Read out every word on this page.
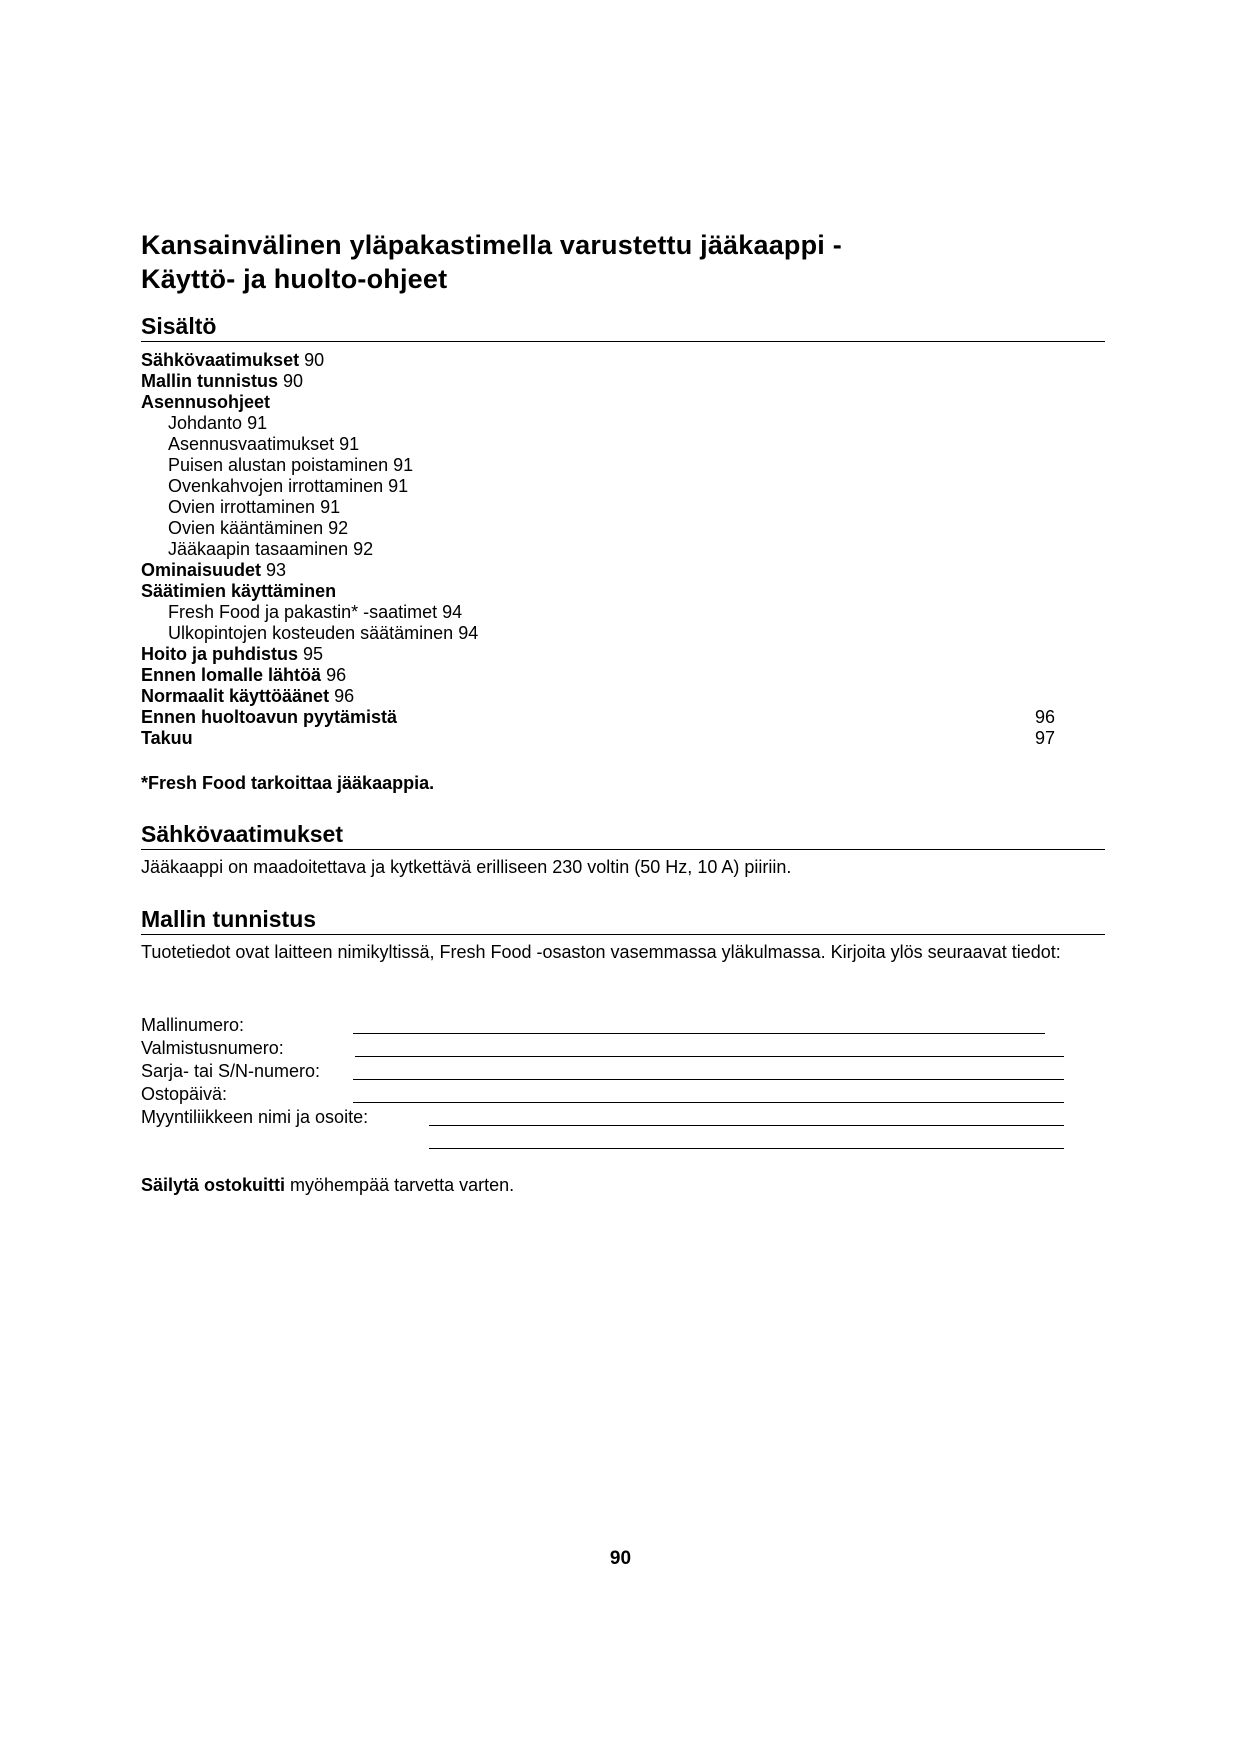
Kansainvälinen yläpakastimella varustettu jääkaappi -
Käyttö- ja huolto-ohjeet
Sisältö
Sähkövaatimukset 90
Mallin tunnistus 90
Asennusohjeet
Johdanto 91
Asennusvaatimukset 91
Puisen alustan poistaminen 91
Ovenkahvojen irrottaminen 91
Ovien irrottaminen 91
Ovien kääntäminen 92
Jääkaapin tasaaminen 92
Ominaisuudet 93
Säätimien käyttäminen
Fresh Food ja pakastin* -saatimet 94
Ulkopintojen kosteuden säätäminen 94
Hoito ja puhdistus 95
Ennen lomalle lähtöä 96
Normaalit käyttöäänet 96
Ennen huoltoavun pyytämistä	96
Takuu	97
*Fresh Food tarkoittaa jääkaappia.
Sähkövaatimukset
Jääkaappi on maadoitettava ja kytkettävä erilliseen 230 voltin (50 Hz, 10 A) piiriin.
Mallin tunnistus
Tuotetiedot ovat laitteen nimikyltissä, Fresh Food -osaston vasemmassa yläkulmassa. Kirjoita ylös seuraavat tiedot:
Mallinumero:
Valmistusnumero:
Sarja- tai S/N-numero:
Ostopäivä:
Myyntiliikkeen nimi ja osoite:
Säilytä ostokuitti myöhempää tarvetta varten.
90
